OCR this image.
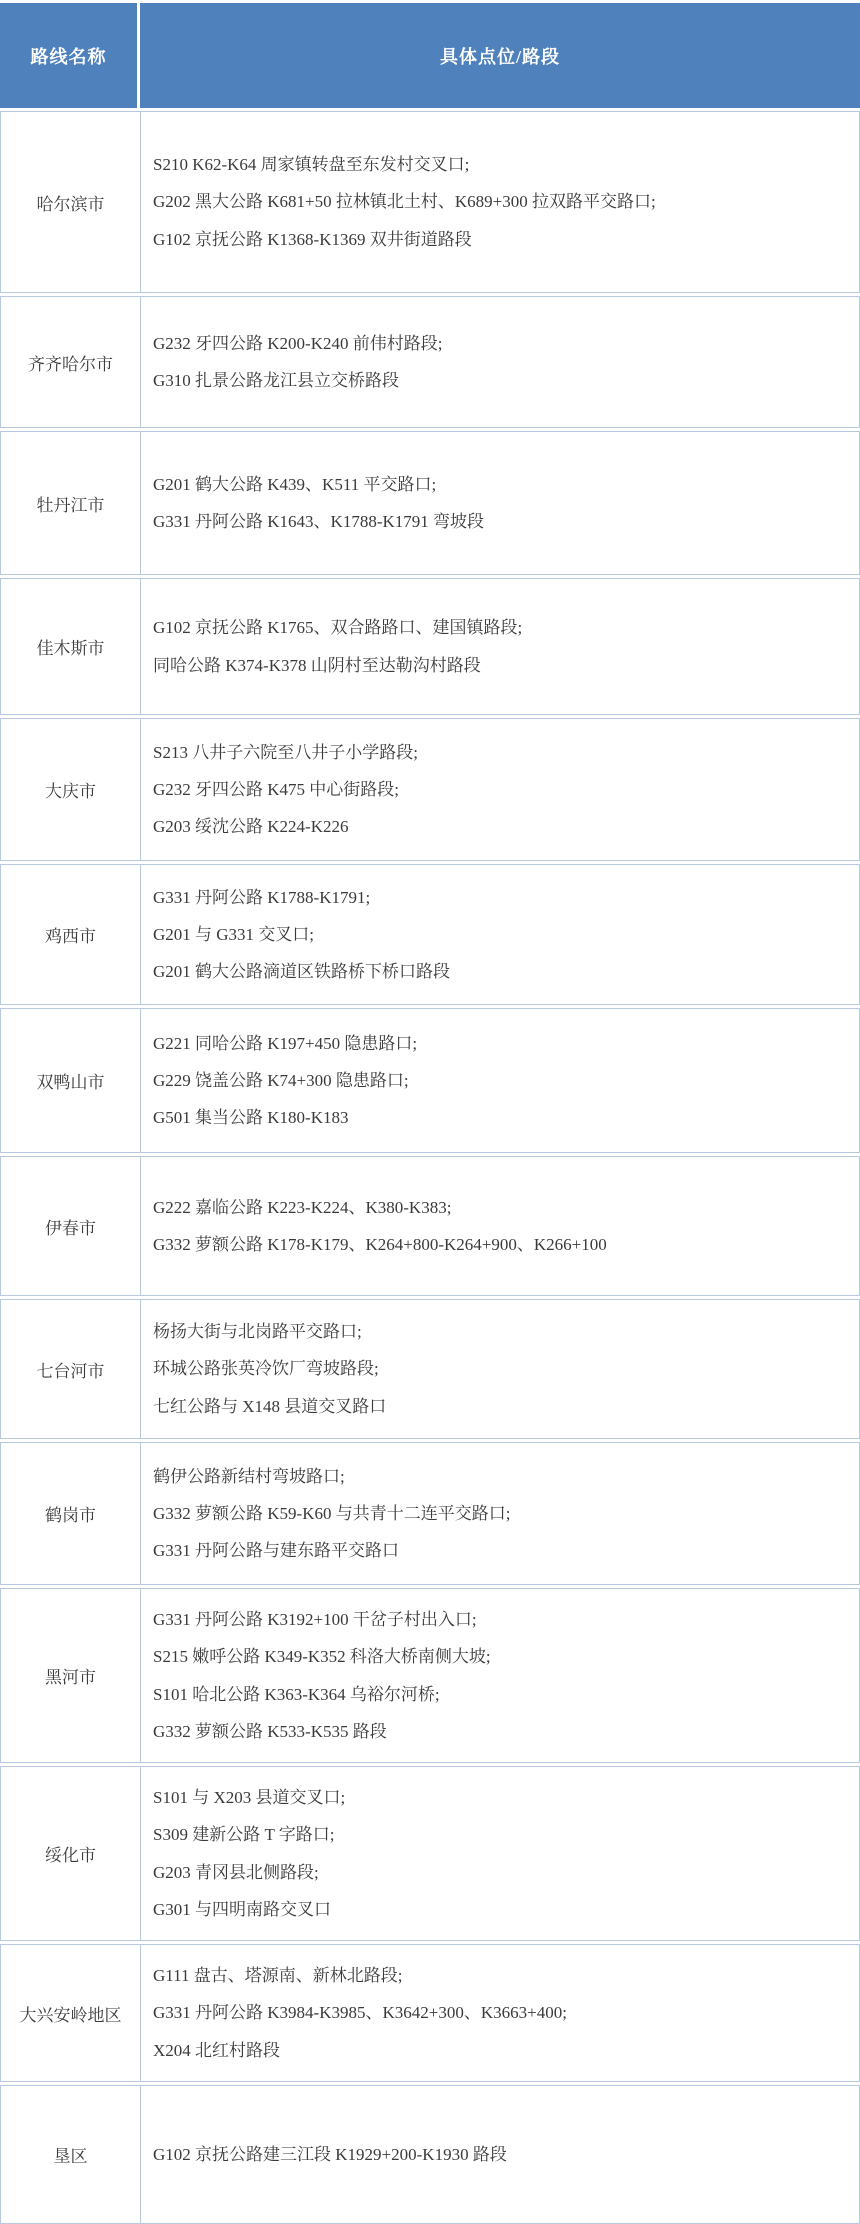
路线名称	具体点位/路段
哈尔滨市

S210 K62-K64 周家镇转盘至东发村交叉口;

G202 黑大公路 K681+50 拉林镇北土村、K689+300 拉双路平交路口;

G102 京抚公路 K1368-K1369 双井街道路段

齐齐哈尔市

G232 牙四公路 K200-K240 前伟村路段;

G310 扎景公路龙江县立交桥路段

牡丹江市

G201 鹤大公路 K439、K511 平交路口;

G331 丹阿公路 K1643、K1788-K1791 弯坡段

佳木斯市

G102 京抚公路 K1765、双合路路口、建国镇路段;

同哈公路 K374-K378 山阴村至达勒沟村路段

大庆市

S213 八井子六院至八井子小学路段;

G232 牙四公路 K475 中心街路段;

G203 绥沈公路 K224-K226

鸡西市

G331 丹阿公路 K1788-K1791;

G201 与 G331 交叉口;

G201 鹤大公路滴道区铁路桥下桥口路段

双鸭山市

G221 同哈公路 K197+450 隐患路口;

G229 饶盖公路 K74+300 隐患路口;

G501 集当公路 K180-K183

伊春市

G222 嘉临公路 K223-K224、K380-K383;

G332 萝额公路 K178-K179、K264+800-K264+900、K266+100

七台河市

杨扬大街与北岗路平交路口;

环城公路张英冷饮厂弯坡路段;

七红公路与 X148 县道交叉路口

鹤岗市

鹤伊公路新结村弯坡路口;

G332 萝额公路 K59-K60 与共青十二连平交路口;

G331 丹阿公路与建东路平交路口

黑河市

G331 丹阿公路 K3192+100 干岔子村出入口;

S215 嫩呼公路 K349-K352 科洛大桥南侧大坡;

S101 哈北公路 K363-K364 乌裕尔河桥;

G332 萝额公路 K533-K535 路段

绥化市

S101 与 X203 县道交叉口;

S309 建新公路 T 字路口;

G203 青冈县北侧路段;

G301 与四明南路交叉口

大兴安岭地区

G111 盘古、塔源南、新林北路段;

G331 丹阿公路 K3984-K3985、K3642+300、K3663+400;

X204 北红村路段

垦区	G102 京抚公路建三江段 K1929+200-K1930 路段
